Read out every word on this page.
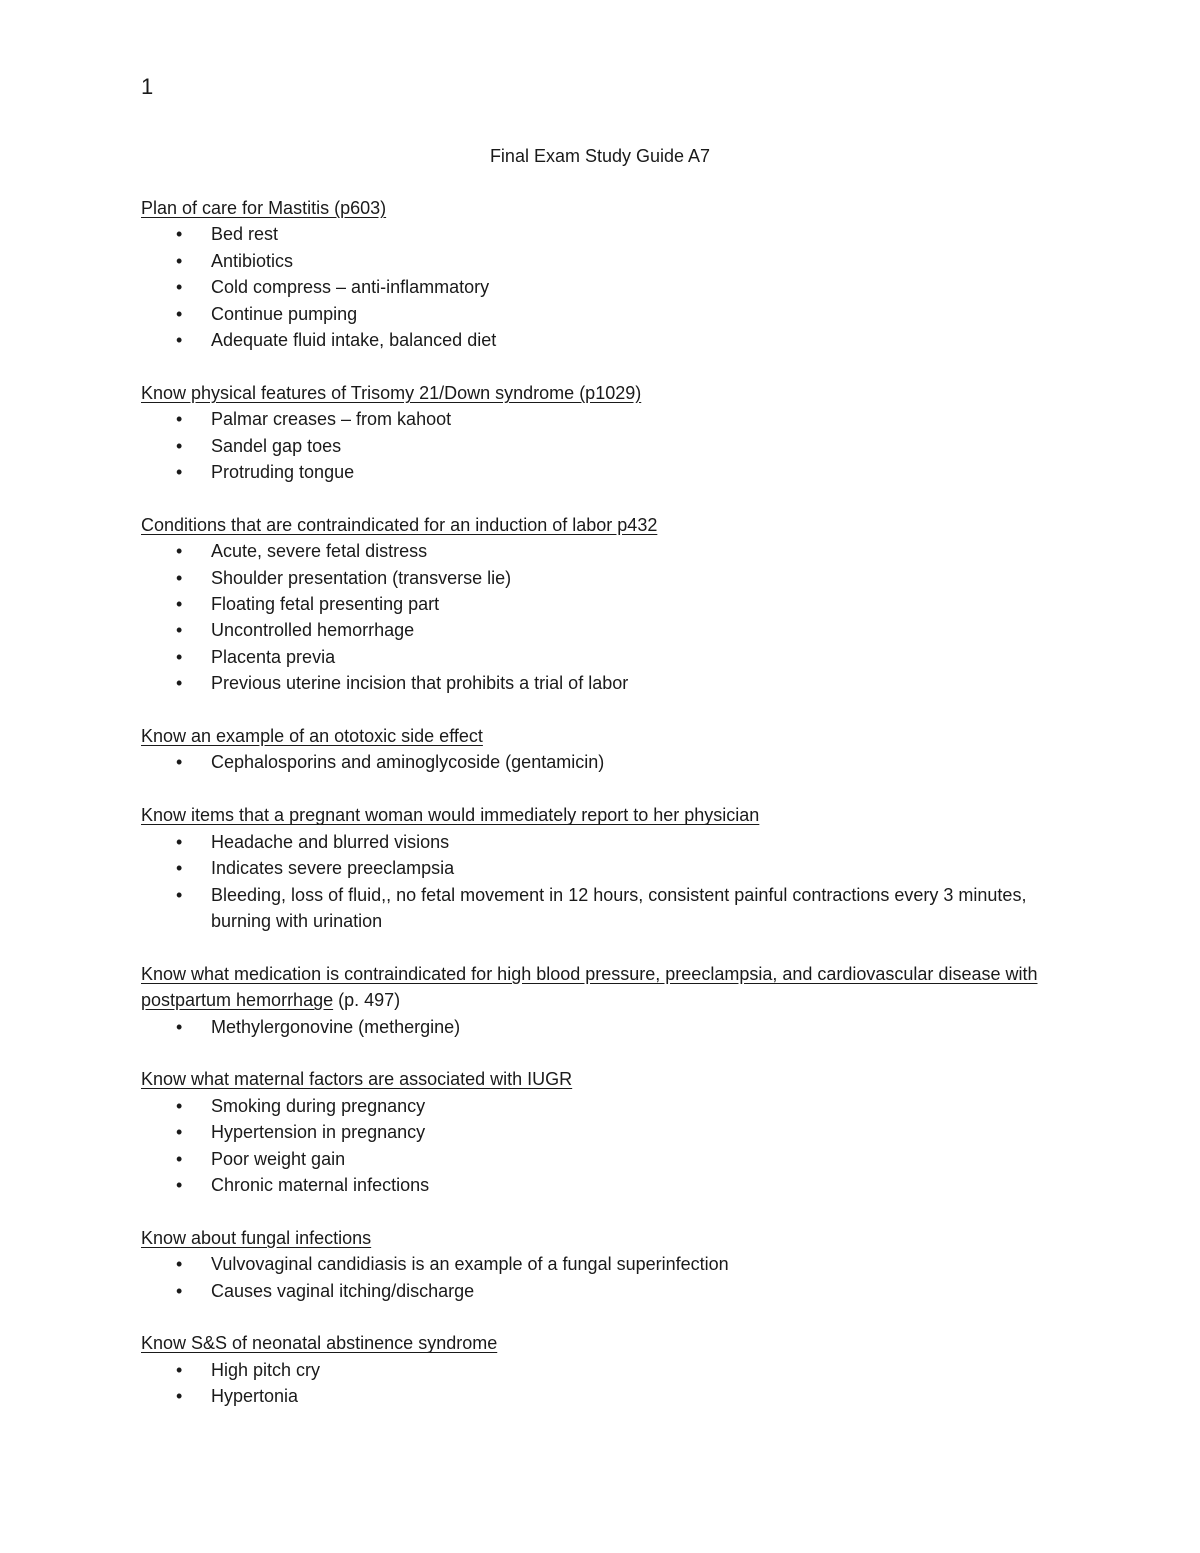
1
Final Exam Study Guide A7

Plan of care for Mastitis (p603)

• Bed rest
• Antibiotics
• Cold compress – anti-inflammatory
• Continue pumping
• Adequate fluid intake, balanced diet

Know physical features of Trisomy 21/Down syndrome (p1029)

• Palmar creases – from kahoot
• Sandel gap toes
• Protruding tongue

Conditions that are contraindicated for an induction of labor p432

• Acute, severe fetal distress
• Shoulder presentation (transverse lie)
• Floating fetal presenting part
• Uncontrolled hemorrhage
• Placenta previa
• Previous uterine incision that prohibits a trial of labor

Know an example of an ototoxic side effect

• Cephalosporins and aminoglycoside (gentamicin)

Know items that a pregnant woman would immediately report to her physician

• Headache and blurred visions
• Indicates severe preeclampsia
• Bleeding, loss of fluid,, no fetal movement in 12 hours, consistent painful contractions every 3 minutes, burning with urination

Know what medication is contraindicated for high blood pressure, preeclampsia, and cardiovascular disease with postpartum hemorrhage (p. 497)

• Methylergonovine (methergine)

Know what maternal factors are associated with IUGR

• Smoking during pregnancy
• Hypertension in pregnancy
• Poor weight gain
• Chronic maternal infections

Know about fungal infections

• Vulvovaginal candidiasis is an example of a fungal superinfection
• Causes vaginal itching/discharge

Know S&S of neonatal abstinence syndrome

• High pitch cry
• Hypertonia
